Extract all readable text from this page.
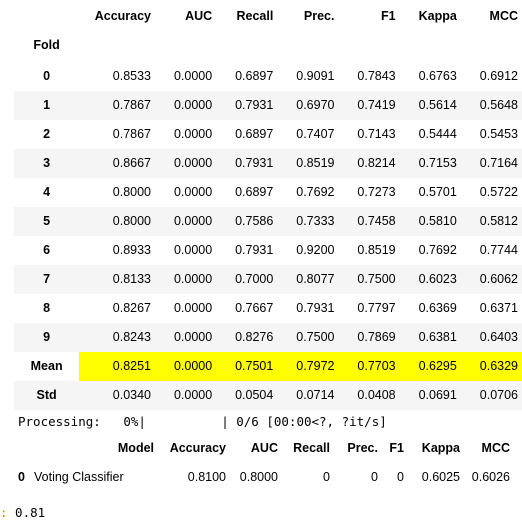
	Accuracy	AUC	Recall	Prec.	F1	Kappa	MCC
Fold							
0	0.8533	0.0000	0.6897	0.9091	0.7843	0.6763	0.6912
1	0.7867	0.0000	0.7931	0.6970	0.7419	0.5614	0.5648
2	0.7867	0.0000	0.6897	0.7407	0.7143	0.5444	0.5453
3	0.8667	0.0000	0.7931	0.8519	0.8214	0.7153	0.7164
4	0.8000	0.0000	0.6897	0.7692	0.7273	0.5701	0.5722
5	0.8000	0.0000	0.7586	0.7333	0.7458	0.5810	0.5812
6	0.8933	0.0000	0.7931	0.9200	0.8519	0.7692	0.7744
7	0.8133	0.0000	0.7000	0.8077	0.7500	0.6023	0.6062
8	0.8267	0.0000	0.7667	0.7931	0.7797	0.6369	0.6371
9	0.8243	0.0000	0.8276	0.7500	0.7869	0.6381	0.6403
Mean	0.8251	0.0000	0.7501	0.7972	0.7703	0.6295	0.6329
Std	0.0340	0.0000	0.0504	0.0714	0.0408	0.0691	0.0706
Processing:   0%|          | 0/6 [00:00<?, ?it/s]
	Model	Accuracy	AUC	Recall	Prec.	F1	Kappa	MCC
0	Voting Classifier	0.8100	0.8000	0	0	0	0.6025	0.6026
: 0.81
